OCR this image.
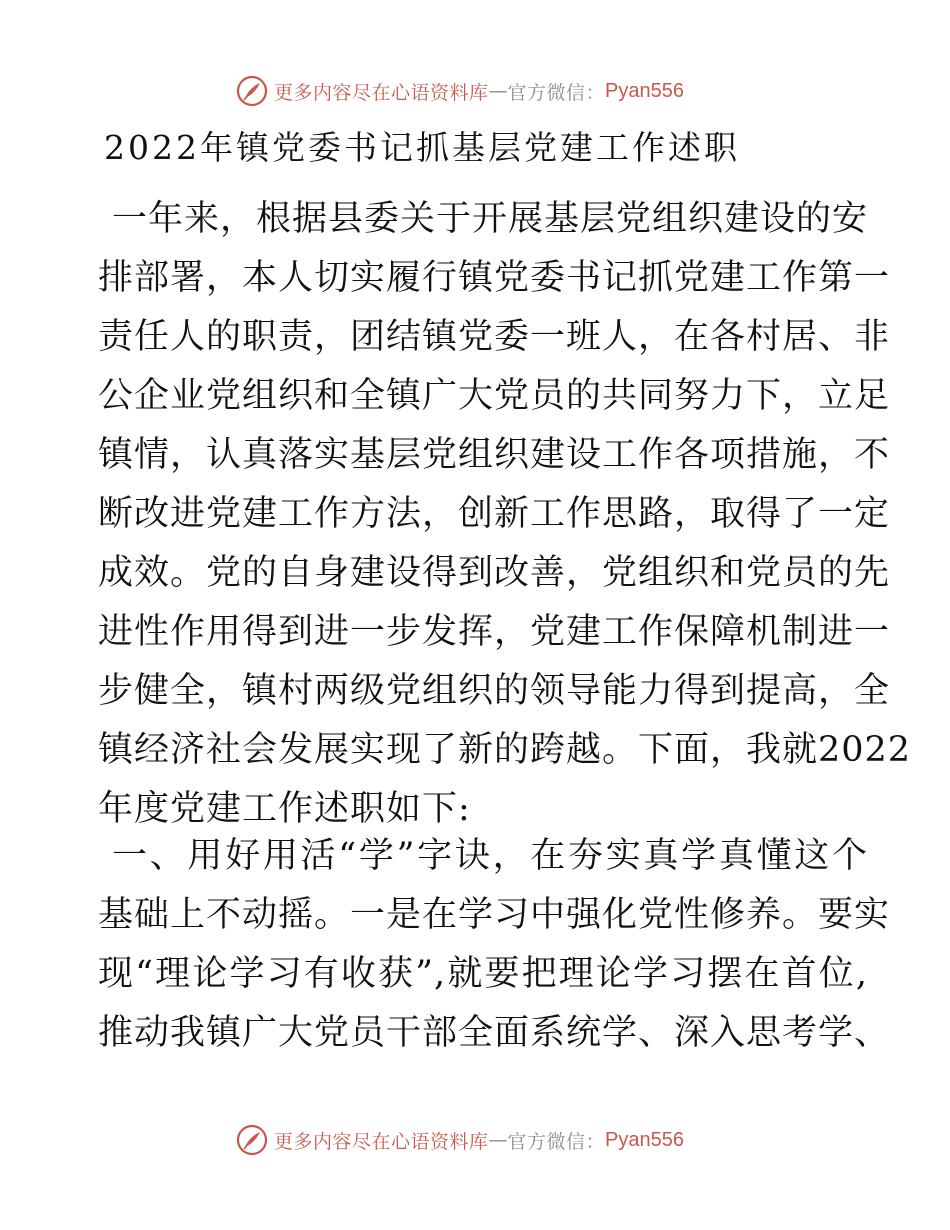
更多内容尽在心语资料库 — 官方微信： Pyan556
2022年镇党委书记抓基层党建工作述职
一年来，根据县委关于开展基层党组织建设的安
排部署，本人切实履行镇党委书记抓党建工作第一
责任人的职责，团结镇党委一班人，在各村居、非
公企业党组织和全镇广大党员的共同努力下，立足
镇情，认真落实基层党组织建设工作各项措施，不
断改进党建工作方法，创新工作思路，取得了一定
成效。党的自身建设得到改善，党组织和党员的先
进性作用得到进一步发挥，党建工作保障机制进一
步健全，镇村两级党组织的领导能力得到提高，全
镇经济社会发展实现了新的跨越。下面，我就2022
年度党建工作述职如下:
一、用好用活“学”字诀，在夯实真学真懂这个
基础上不动摇。一是在学习中强化党性修养。要实
现“理论学习有收获”,就要把理论学习摆在首位,
推动我镇广大党员干部全面系统学、深入思考学、
更多内容尽在心语资料库 — 官方微信： Pyan556
